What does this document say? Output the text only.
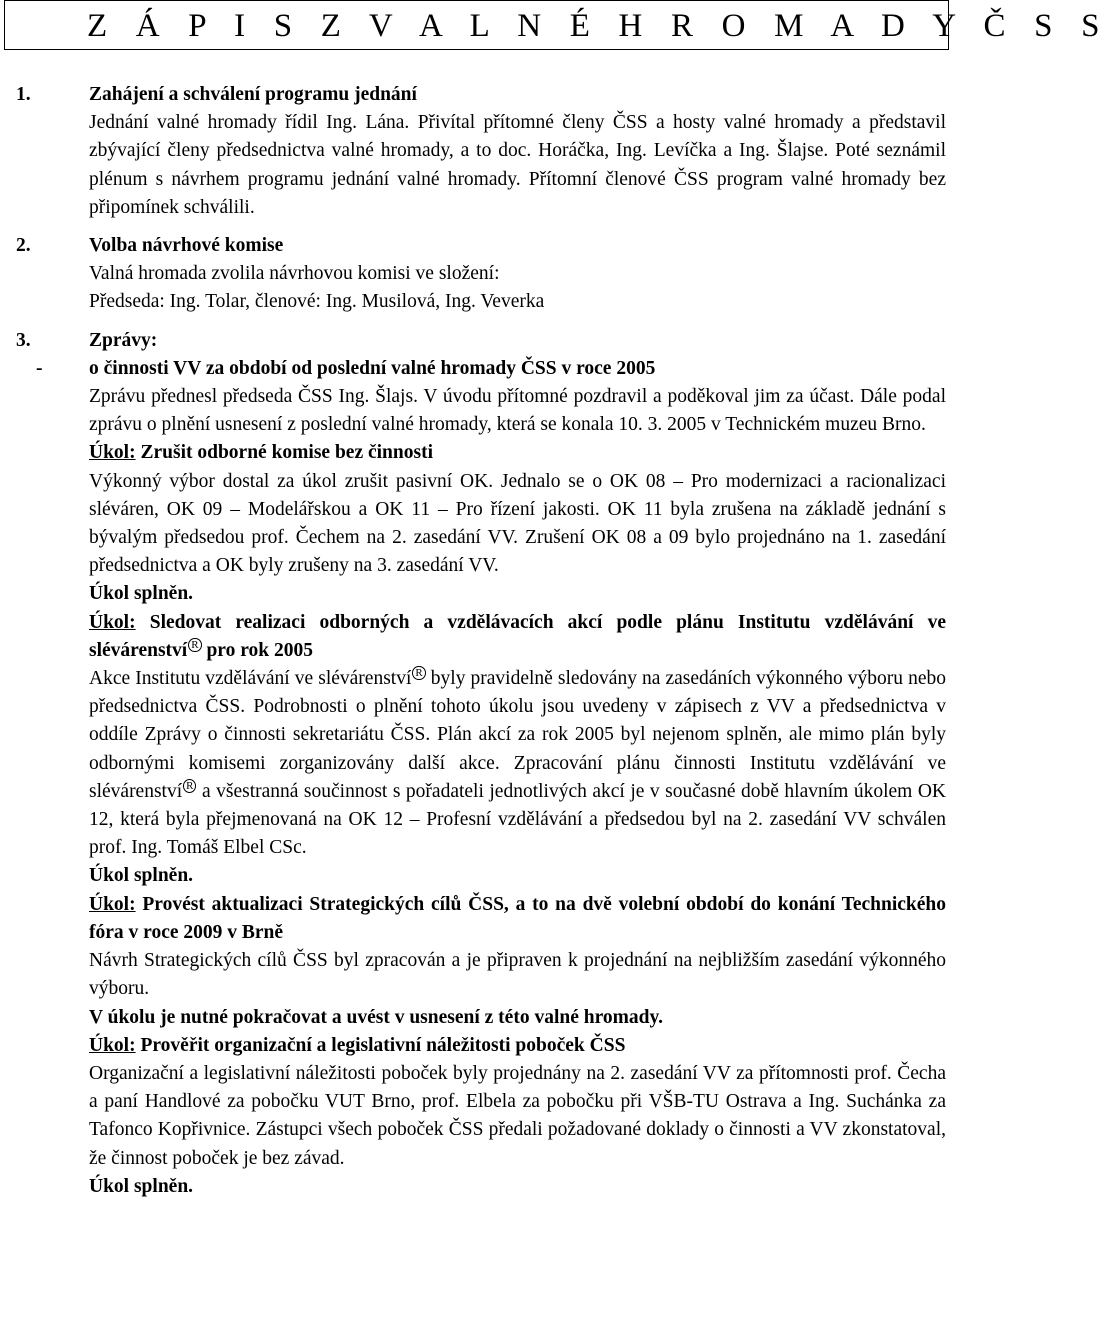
Z Á P I S Z V A L N É H R O M A D Y Č S S

1.	Zahájení a schválení programu jednání

Jednání valné hromady řídil Ing. Lána. Přivítal přítomné členy ČSS a hosty valné hromady a představil zbývající členy předsednictva valné hromady, a to doc. Horáčka, Ing. Levíčka a Ing. Šlajse. Poté seznámil plénum s návrhem programu jednání valné hromady. Přítomní členové ČSS program valné hromady bez připomínek schválili.

2.	Volba návrhové komise

Valná hromada zvolila návrhovou komisi ve složení:

Předseda: Ing. Tolar, členové: Ing. Musilová, Ing. Veverka

3.	Zprávy:

- o činnosti VV za období od poslední valné hromady ČSS v roce 2005

Zprávu přednesl předseda ČSS Ing. Šlajs. V úvodu přítomné pozdravil a poděkoval jim za účast. Dále podal zprávu o plnění usnesení z poslední valné hromady, která se konala 10. 3. 2005 v Technickém muzeu Brno.

Úkol: Zrušit odborné komise bez činnosti

Výkonný výbor dostal za úkol zrušit pasivní OK. Jednalo se o OK 08 – Pro modernizaci a racionalizaci sléváren, OK 09 – Modelářskou a OK 11 – Pro řízení jakosti. OK 11 byla zrušena na základě jednání s bývalým předsedou prof. Čechem na 2. zasedání VV. Zrušení OK 08 a 09 bylo projednáno na 1. zasedání předsednictva a OK byly zrušeny na 3. zasedání VV.

Úkol splněn.

Úkol: Sledovat realizaci odborných a vzdělávacích akcí podle plánu Institutu vzdělávání ve slévárenství $^R$ pro rok 2005

Akce Institutu vzdělávání ve slévárenství $^R$ byly pravidelně sledovány na zasedáních výkonného výboru nebo předsednictva ČSS. Podrobnosti o plnění tohoto úkolu jsou uvedeny v zápisech z VV a předsednictva v oddíle Zprávy o činnosti sekretariátu ČSS. Plán akcí za rok 2005 byl nejenom splněn, ale mimo plán byly odbornými komisemi zorganizovány další akce. Zpracování plánu činnosti Institutu vzdělávání ve slévárenství $^R$ a všestranná součinnost s pořadateli jednotlivých akcí je v současné době hlavním úkolem OK 12, která byla přejmenovaná na OK 12 – Profesní vzdělávání a předsedou byl na 2. zasedání VV schválen prof. Ing. Tomáš Elbel CSc.

Úkol splněn.

Úkol: Provést aktualizaci Strategických cílů ČSS, a to na dvě volební období do konání Technického fóra v roce 2009 v Brně

Návrh Strategických cílů ČSS byl zpracován a je připraven k projednání na nejbližším zasedání výkonného výboru.

V úkolu je nutné pokračovat a uvést v usnesení z této valné hromady.

Úkol: Prověřit organizační a legislativní náležitosti poboček ČSS

Organizační a legislativní náležitosti poboček byly projednány na 2. zasedání VV za přítomnosti prof. Čecha a paní Handlové za pobočku VUT Brno, prof. Elbela za pobočku při VŠB-TU Ostrava a Ing. Suchánka za Tafonco Kopřivnice. Zástupci všech poboček ČSS předali požadované doklady o činnosti a VV zkonstatoval, že činnost poboček je bez závad.

Úkol splněn.
